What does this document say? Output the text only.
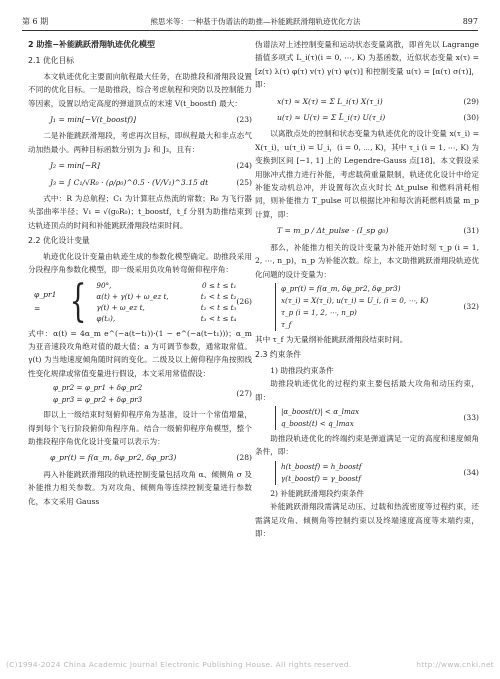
第 6 期	熊思米等：一种基于伪谱法的助推—补能跳跃滑翔轨迹优化方法	897
2 助推−补能跳跃滑翔轨迹优化模型
2.1 优化目标

本文轨迹优化主要面向航程最大任务，在助推段和滑翔段设置不同的优化目标。一是助推段，综合考虑航程和突防以及控制能力等因素，设置以给定高度的弹道顶点的末速 V(t_boostf) 最大：

J₁ = min[−V(t_boostf)]	(23)

二是补能跳跃滑翔段，考虑再次目标，即纵程最大和非点态气动加热最小。两种目标函数分别为 J₂ 和 J₃，且有：

J₂ = min[−R]	(24)
J₃ = ∫ C₁/√R₀ · (ρ/ρ₀)^0.5 · (V/V₁)^3.15 dt	(25)

式中：R 为总航程；C₁ 为计算驻点热流的常数；R₀ 为飞行器头部曲率半径；V₁ = √(g₀R₀)；t_boostf，t_f 分别为助推结束到达轨迹顶点的时间和补能跳跃滑翔段结束时间。

2.2 优化设计变量

轨迹优化设计变量由轨迹生成的参数化模型确定。助推段采用分段程序角参数化模型，即一级采用负攻角转弯俯仰程序角：

φ_pr1 = { 90°,	0 ≤ t ≤ t₁
α(t) + γ(t) + ω_ez t,	t₁ < t ≤ t₂
γ(t) + ω_ez t,	t₂ < t ≤ t₃
φ(t₃),	t₃ < t ≤ t₄
(26)

式中：α(t) = 4α_m e^(−a(t−t₁))·(1 − e^(−a(t−t₁)))；α_m 为亚音速段攻角绝对值的最大值；a 为可调节参数，通常取常值。γ(t) 为当地速度倾角随时间的变化。二级及以上俯仰程序角按照线性变化规律或常值变量进行假设，本文采用常值假设：

φ_pr2 = φ_pr1 + δφ_pr2
φ_pr3 = φ_pr2 + δφ_pr3
(27)

即以上一级结束时刻俯仰程序角为基准，设计一个常值增量，得到每个飞行阶段俯仰角程序角。结合一级俯仰程序角模型，整个助推段程序角优化设计变量可以表示为：

φ_pr(t) = f(α_m, δφ_pr2, δφ_pr3)	(28)

再入补能跳跃滑翔段的轨迹控制变量包括攻角 α、倾侧角 σ 及补能推力相关参数。为对攻角、倾侧角等连续控制变量进行参数化，本文采用 Gauss

伪谱法对上述控制变量和运动状态变量离散，即首先以 Lagrange 插值多项式 L_i(τ)(i = 0, ⋯, K) 为基函数，近似状态变量 x(τ) = [z(τ) λ(τ) φ(τ) v(τ) γ(τ) ψ(τ)] 和控制变量 u(τ) = [α(τ) σ(τ)]，即：

x(τ) ≈ X(τ) = Σ L_i(τ) X(τ_i)	(29)
u(τ) ≈ U(τ) = Σ L̃_i(τ) U(τ_i)	(30)

以离散点处的控制和状态变量为轨迹优化的设计变量 x(τ_i) = X(τ_i)，u(τ_i) = U_i，(i = 0, ⋯, K)，其中 τ_i (i = 1, ⋯, K) 为变换到区间 [−1, 1] 上的 Legendre-Gauss 点[18]。本文假设采用脉冲式推力进行补能，考虑载荷重量限制，轨迹优化设计中给定补能发动机总冲，并设置每次点火时长 Δt_pulse 和燃料消耗相同，则补能推力 T_pulse 可以根据比冲和每次消耗燃料质量 m_p 计算，即：

T = m_p / Δt_pulse · (I_sp g₀)	(31)

那么，补能推力相关的设计变量为补能开始时刻 τ_p (i = 1, 2, ⋯, n_p)，n_p 为补能次数。综上，本文助推跳跃滑翔段轨迹优化问题的设计变量为：

φ_pr(t) = f(α_m, δφ_pr2, δφ_pr3)
x(τ_i) = X(τ_i), u(τ_i) = U_i, (i = 0, ⋯, K)
τ_p (i = 1, 2, ⋯, n_p)
τ_f
(32)

其中 τ_f 为无量纲补能跳跃滑翔段结束时间。

2.3 约束条件

1) 助推段约束条件

助推段轨迹优化的过程约束主要包括最大攻角和动压约束，即：

|α_boost(t)| < α_lmax
q_boost(t) < q_lmax
(33)

助推段轨迹优化的终端约束是弹道满足一定的高度和速度倾角条件，即：

h(t_boostf) = h_boostf
γ(t_boostf) = γ_boostf
(34)

2) 补能跳跃滑翔段约束条件

补能跳跃滑翔段需满足动压、过载和热流密度等过程约束，还需满足攻角、倾侧角等控制约束以及终端速度高度等末端约束，即：

(C)1994-2024 China Academic Journal Electronic Publishing House. All rights reserved.	http://www.cnki.net
